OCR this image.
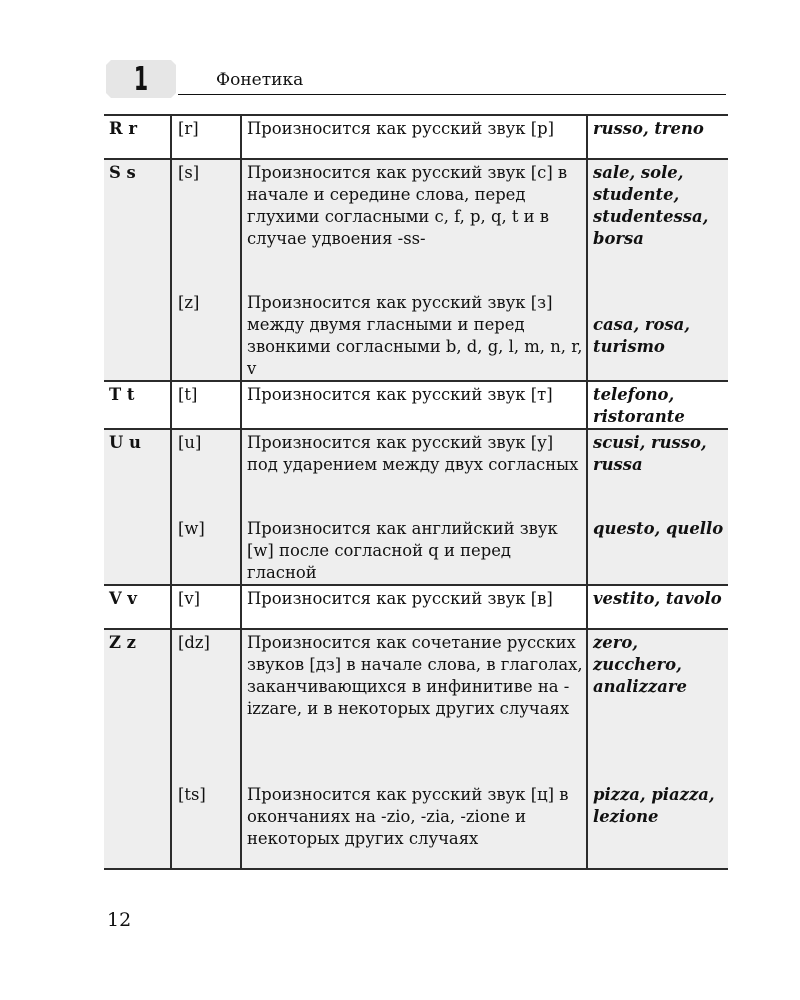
1	Фонетика
R r	[r]	Произносится как русский звук [р]	russo, treno
S s	[s]	Произносится как русский звук [с] в начале и середине слова, перед глухими согласными c, f, p, q, t и в случае удвоения -ss-	sale, sole, studente, studentessa, borsa
	[z]	Произносится как русский звук [з] между двумя гласными и перед звонкими согласными b, d, g, l, m, n, r, v	casa, rosa, turismo
T t	[t]	Произносится как русский звук [т]	telefono, ristorante
U u	[u]	Произносится как русский звук [у] под ударением между двух согласных	scusi, russo, russa
	[w]	Произносится как английский звук [w] после согласной q и перед гласной	questo, quello
V v	[v]	Произносится как русский звук [в]	vestito, tavolo
Z z	[dz]	Произносится как сочетание русских звуков [дз] в начале слова, в глаголах, заканчивающихся в инфинитиве на -izzare, и в некоторых других случаях	zero, zucchero, analizzare
	[ts]	Произносится как русский звук [ц] в окончаниях на -zio, -zia, -zione и некоторых других случаях	pizza, piazza, lezione
12
